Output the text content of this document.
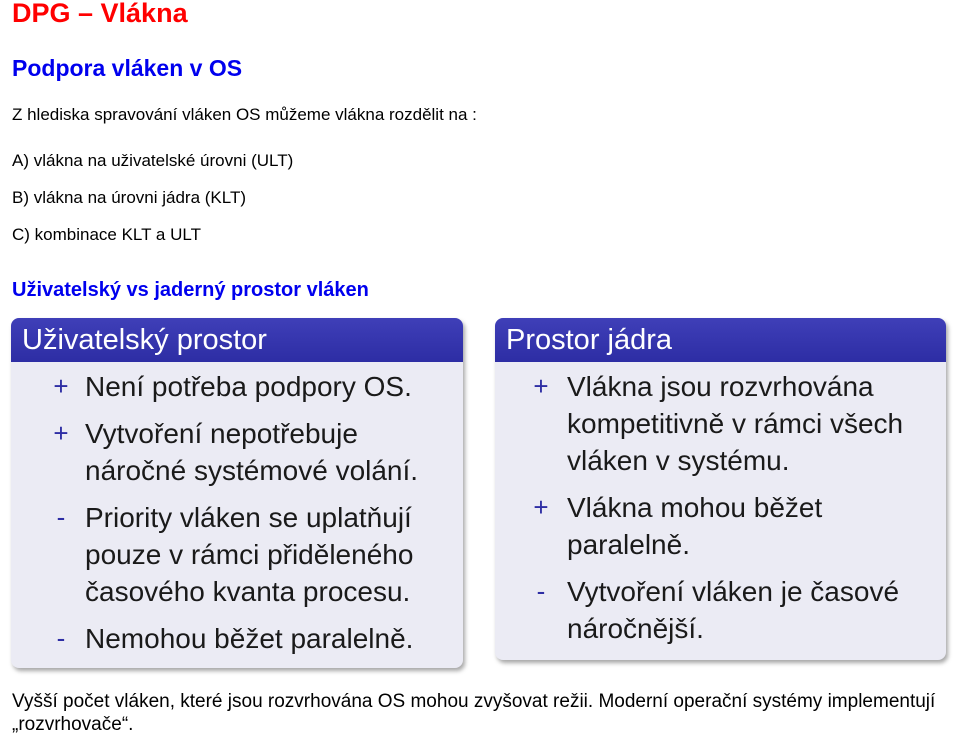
DPG – Vlákna
Podpora vláken v OS
Z hlediska spravování vláken OS můžeme vlákna rozdělit na :
A) vlákna na uživatelské úrovni (ULT)
B) vlákna na úrovni jádra (KLT)
C) kombinace KLT a ULT
Uživatelský vs jaderný prostor vláken
Uživatelský prostor
+ Není potřeba podpory OS.
+ Vytvoření nepotřebuje
náročné systémové volání.
- Priority vláken se uplatňují
pouze v rámci přiděleného
časového kvanta procesu.
- Nemohou běžet paralelně.
Prostor jádra
+ Vlákna jsou rozvrhována
kompetitivně v rámci všech
vláken v systému.
+ Vlákna mohou běžet
paralelně.
- Vytvoření vláken je časové
náročnější.
Vyšší počet vláken, které jsou rozvrhována OS mohou zvyšovat režii. Moderní operační systémy implementují „rozvrhovače“.
